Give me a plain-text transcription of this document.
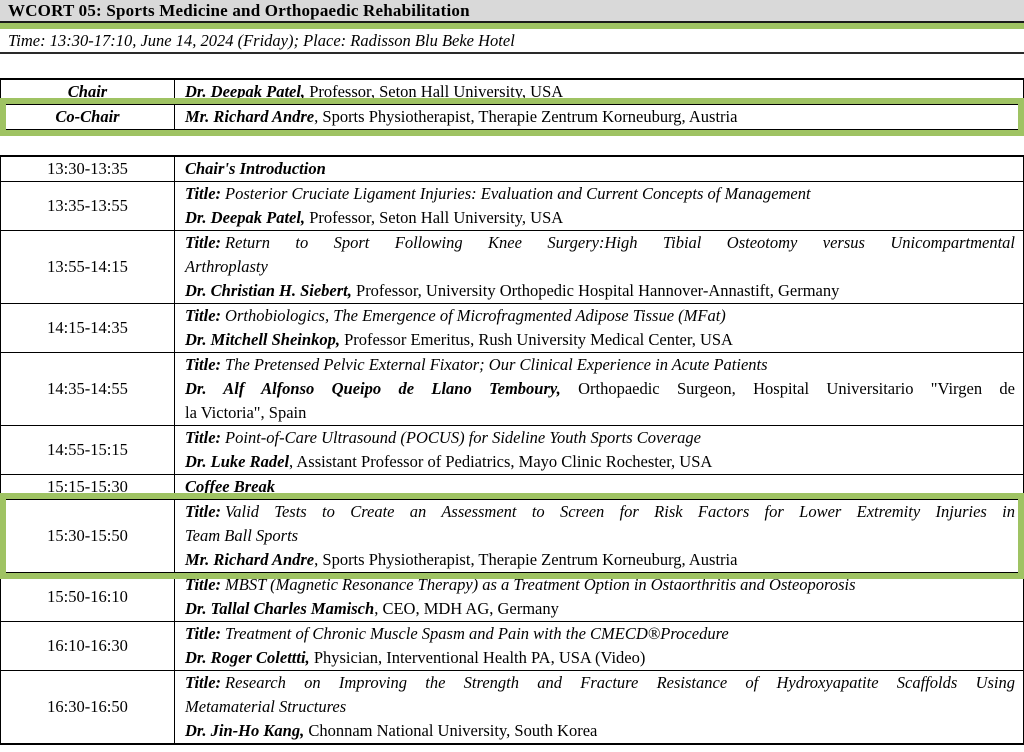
WCORT 05: Sports Medicine and Orthopaedic Rehabilitation
Time: 13:30-17:10, June 14, 2024 (Friday); Place: Radisson Blu Beke Hotel
Chair	Dr. Deepak Patel, Professor, Seton Hall University, USA
Co-Chair	Mr. Richard Andre, Sports Physiotherapist, Therapie Zentrum Korneuburg, Austria
13:30-13:35	Chair's Introduction
13:35-13:55
Title: Posterior Cruciate Ligament Injuries: Evaluation and Current Concepts of Management
Dr. Deepak Patel, Professor, Seton Hall University, USA
13:55-14:15
Title: Return to Sport Following Knee Surgery:High Tibial Osteotomy versus Unicompartmental
Arthroplasty
Dr. Christian H. Siebert, Professor, University Orthopedic Hospital Hannover-Annastift, Germany
14:15-14:35
Title: Orthobiologics, The Emergence of Microfragmented Adipose Tissue (MFat)
Dr. Mitchell Sheinkop, Professor Emeritus, Rush University Medical Center, USA
14:35-14:55
Title: The Pretensed Pelvic External Fixator; Our Clinical Experience in Acute Patients
Dr. Alf Alfonso Queipo de Llano Temboury, Orthopaedic Surgeon, Hospital Universitario "Virgen de
la Victoria", Spain
14:55-15:15
Title: Point-of-Care Ultrasound (POCUS) for Sideline Youth Sports Coverage
Dr. Luke Radel, Assistant Professor of Pediatrics, Mayo Clinic Rochester, USA
15:15-15:30	Coffee Break
15:30-15:50
Title: Valid Tests to Create an Assessment to Screen for Risk Factors for Lower Extremity Injuries in
Team Ball Sports
Mr. Richard Andre, Sports Physiotherapist, Therapie Zentrum Korneuburg, Austria
15:50-16:10
Title: MBST (Magnetic Resonance Therapy) as a Treatment Option in Ostaorthritis and Osteoporosis
Dr. Tallal Charles Mamisch, CEO, MDH AG, Germany
16:10-16:30
Title: Treatment of Chronic Muscle Spasm and Pain with the CMECD®Procedure
Dr. Roger Colettti, Physician, Interventional Health PA, USA (Video)
16:30-16:50
Title: Research on Improving the Strength and Fracture Resistance of Hydroxyapatite Scaffolds Using
Metamaterial Structures
Dr. Jin-Ho Kang, Chonnam National University, South Korea
